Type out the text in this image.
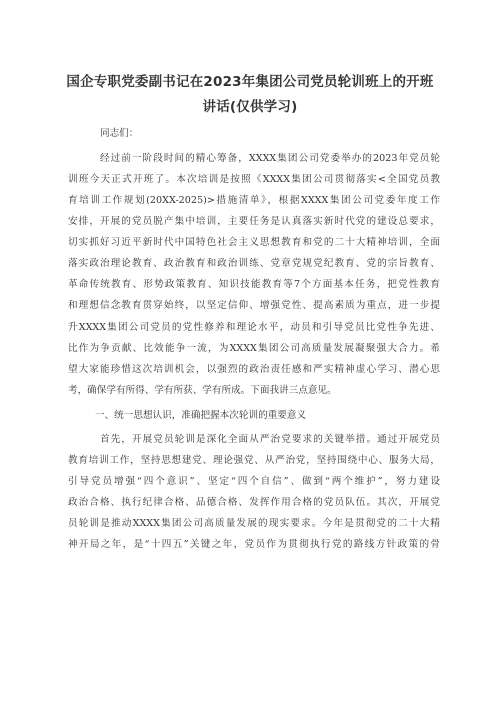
国企专职党委副书记在2023年集团公司党员轮训班上的开班

讲话(仅供学习)

同志们：

经过前一阶段时间的精心筹备，XXXX集团公司党委举办的2023年党员轮

训班今天正式开班了。本次培训是按照《XXXX集团公司贯彻落实<全国党员教

育培训工作规划(20XX-2025)>措施清单》，根据XXXX集团公司党委年度工作

安排，开展的党员脱产集中培训，主要任务是认真落实新时代党的建设总要求，

切实抓好习近平新时代中国特色社会主义思想教育和党的二十大精神培训，全面

落实政治理论教育、政治教育和政治训练、党章党规党纪教育、党的宗旨教育、

革命传统教育、形势政策教育、知识技能教育等7个方面基本任务，把党性教育

和理想信念教育贯穿始终，以坚定信仰、增强党性、提高素质为重点，进一步提

升XXXX集团公司党员的党性修养和理论水平，动员和引导党员比党性争先进、

比作为争贡献、比效能争一流，为XXXX集团公司高质量发展凝聚强大合力。希

望大家能珍惜这次培训机会，以强烈的政治责任感和严实精神虚心学习、潜心思

考，确保学有所得、学有所获、学有所成。下面我讲三点意见。

一、统一思想认识，准确把握本次轮训的重要意义

首先，开展党员轮训是深化全面从严治党要求的关键举措。通过开展党员

教育培训工作，坚持思想建党、理论强党、从严治党，坚持围绕中心、服务大局，

引导党员增强“四个意识”、坚定“四个自信”、做到“两个维护”，努力建设

政治合格、执行纪律合格、品德合格、发挥作用合格的党员队伍。其次，开展党

员轮训是推动XXXX集团公司高质量发展的现实要求。今年是贯彻党的二十大精

神开局之年，是“十四五”关键之年，党员作为贯彻执行党的路线方针政策的骨
